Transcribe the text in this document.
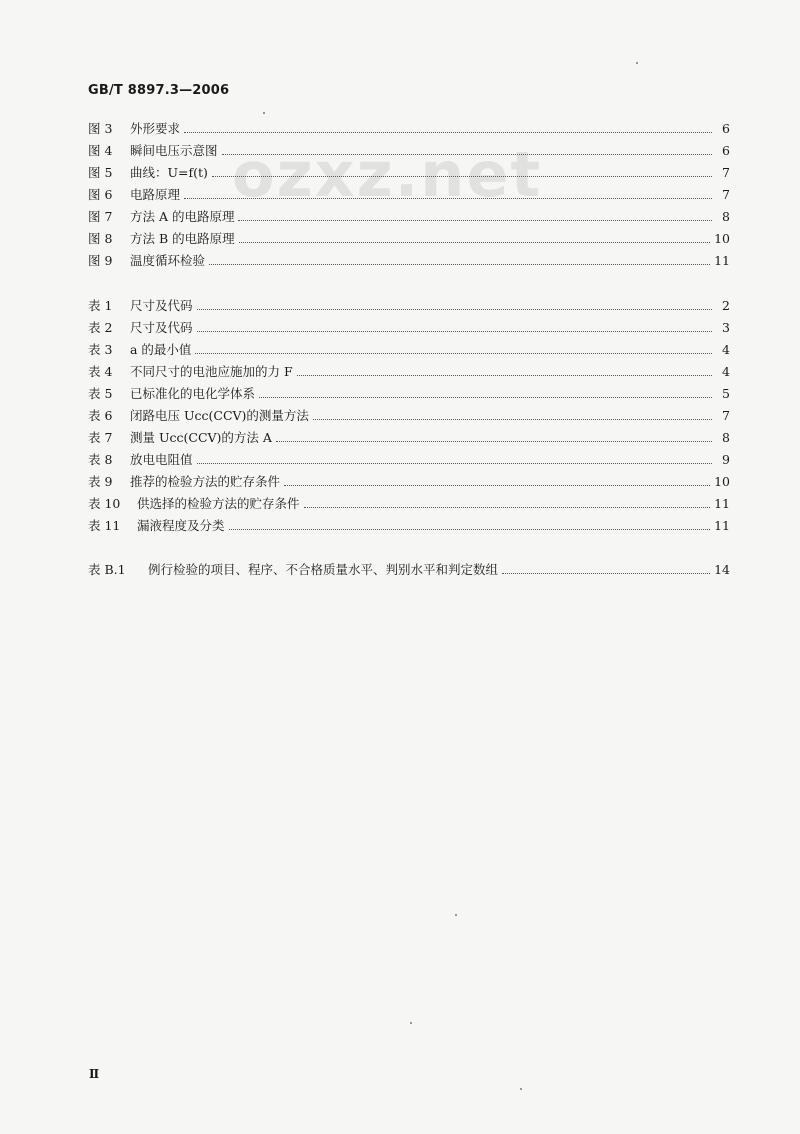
ozxz.net
GB/T 8897.3—2006
图 3	外形要求	6
图 4	瞬间电压示意图	6
图 5	曲线：U=f(t)	7
图 6	电路原理	7
图 7	方法 A 的电路原理	8
图 8	方法 B 的电路原理	10
图 9	温度循环检验	11
表 1	尺寸及代码	2
表 2	尺寸及代码	3
表 3	a 的最小值	4
表 4	不同尺寸的电池应施加的力 F	4
表 5	已标准化的电化学体系	5
表 6	闭路电压 Ucc(CCV)的测量方法	7
表 7	测量 Ucc(CCV)的方法 A	8
表 8	放电电阻值	9
表 9	推荐的检验方法的贮存条件	10
表 10	供选择的检验方法的贮存条件	11
表 11	漏液程度及分类	11
表 B.1	例行检验的项目、程序、不合格质量水平、判别水平和判定数组	14
Ⅱ
